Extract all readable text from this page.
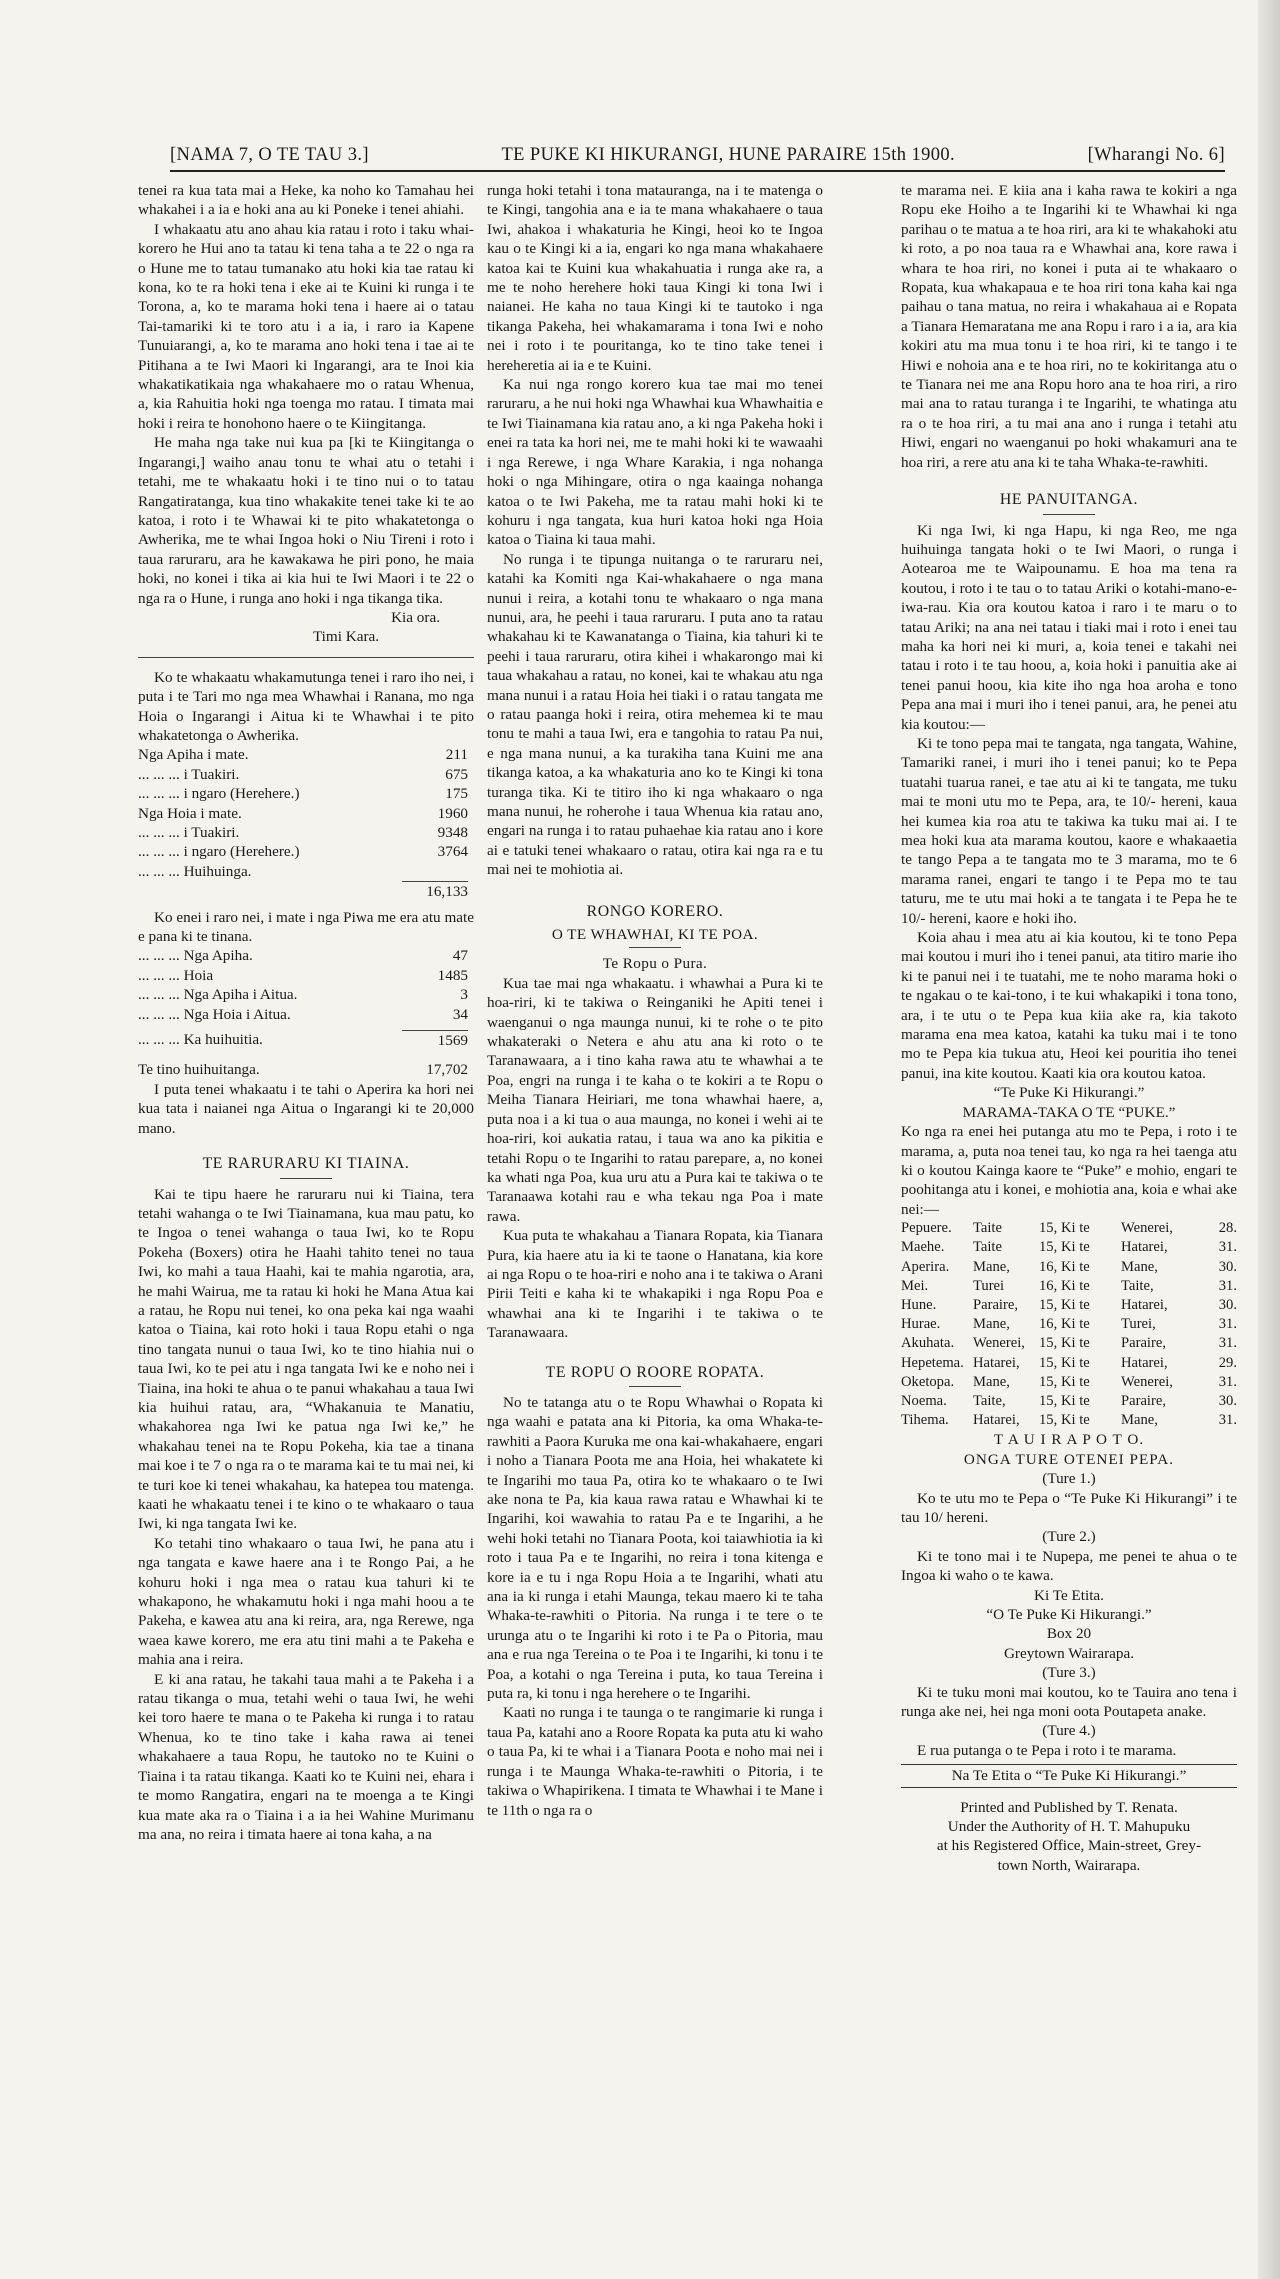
[NAMA 7, O TE TAU 3.]	TE PUKE KI HIKURANGI, HUNE PARAIRE 15th 1900.	[Wharangi No. 6]

tenei ra kua tata mai a Heke, ka noho ko Tamahau hei whakahei i a ia e hoki ana au ki Poneke i tenei ahiahi.

I whakaatu atu ano ahau kia ratau i roto i taku whai-korero he Hui ano ta tatau ki tena taha a te 22 o nga ra o Hune me to tatau tumanako atu hoki kia tae ratau ki kona, ko te ra hoki tena i eke ai te Kuini ki runga i te Torona, a, ko te marama hoki tena i haere ai o tatau Tai-tamariki ki te toro atu i a ia, i raro ia Kapene Tunuiarangi, a, ko te marama ano hoki tena i tae ai te Pitihana a te Iwi Maori ki Ingarangi, arа te Inoi kia whakatikatikaia nga whakahaere mo o ratau Whenua, a, kia Rahuitia hoki nga toenga mo ratau. I timata mai hoki i reira te honohono haere o te Kiingitanga.

He maha nga take nui kua pa [ki te Kiingitanga o Ingarangi,] waiho anau tonu te whai atu o tetahi i tetahi, me te whakaatu hoki i te tino nui o to tatau Rangatiratanga, kua tino whakakite tenei take ki te ao katoa, i roto i te Whawai ki te pito whakatetonga o Awherika, me te whai Ingoa hoki o Niu Tireni i roto i taua raruraru, ara he kawakawa he piri pono, he maia hoki, no konei i tika ai kia hui te Iwi Maori i te 22 o nga ra o Hune, i runga ano hoki i nga tikanga tika.

Kia ora.

Timi Kara.

Ko te whakaatu whakamutunga tenei i raro iho nei, i puta i te Tari mo nga mea Whawhai i Ranana, mo nga Hoia o Ingarangi i Aitua ki te Whawhai i te pito whakatetonga o Awherika.

Nga Apiha i mate.	211
... ... ... i Tuakiri.	675
... ... ... i ngaro (Herehere.)	175
Nga Hoia i mate.	1960
... ... ... i Tuakiri.	9348
... ... ... i ngaro (Herehere.)	3764
... ... ... Huihuinga.
16,133

Ko enei i raro nei, i mate i nga Piwa me era atu mate e pana ki te tinana.

... ... ... Nga Apiha.	47
... ... ... Hoia	1485
... ... ... Nga Apiha i Aitua.	3
... ... ... Nga Hoia i Aitua.	34
... ... ... Ka huihuitia.	1569
Te tino huihuitanga.	17,702

I puta tenei whakaatu i te tahi o Aperira ka hori nei kua tata i naianei nga Aitua o Ingarangi ki te 20,000 mano.

TE RARURARU KI TIAINA.

Kai te tipu haere he raruraru nui ki Tiaina, tera tetahi wahanga o te Iwi Tiainamana, kua mau patu, ko te Ingoa o tenei wahanga o taua Iwi, ko te Ropu Pokeha (Boxers) otira he Haahi tahito tenei no taua Iwi, ko mahi a taua Haahi, kai te mahia ngarotia, ara, he mahi Wairua, me ta ratau ki hoki he Mana Atua kai a ratau, he Ropu nui tenei, ko ona peka kai nga waahi katoa o Tiaina, kai roto hoki i taua Ropu etahi o nga tino tangata nunui o taua Iwi, ko te tino hiahia nui o taua Iwi, ko te pei atu i nga tangata Iwi ke e noho nei i Tiaina, ina hoki te ahua o te panui whakahau a taua Iwi kia huihui ratau, ara, “Whakanuia te Manatiu, whakahorea nga Iwi ke patua nga Iwi ke,” he whakahau tenei na te Ropu Pokeha, kia tae a tinana mai koe i te 7 o nga ra o te marama kai te tu mai nei, ki te turi koe ki tenei whakahau, ka hatepea tou matenga. kaati he whakaatu tenei i te kino o te whakaaro o taua Iwi, ki nga tangata Iwi ke.

Ko tetahi tino whakaaro o taua Iwi, he pana atu i nga tangata e kawe haere ana i te Rongo Pai, a he kohuru hoki i nga mea o ratau kua tahuri ki te whakapono, he whakamutu hoki i nga mahi hoou a te Pakeha, e kawea atu ana ki reira, ara, nga Rerewe, nga waea kawe korero, me era atu tini mahi a te Pakeha e mahia ana i reira.

E ki ana ratau, he takahi taua mahi a te Pakeha i a ratau tikanga o mua, tetahi wehi o taua Iwi, he wehi kei toro haere te mana o te Pakeha ki runga i to ratau Whenua, ko te tino take i kaha rawa ai tenei whakahaere a taua Ropu, he tautoko no te Kuini o Tiaina i ta ratau tikanga. Kaati ko te Kuini nei, ehara i te momo Rangatira, engari na te moenga a te Kingi kua mate aka ra o Tiaina i a ia hei Wahine Murimanu ma ana, no reira i timata haere ai tona kaha, a na

runga hoki tetahi i tona matauranga, na i te matenga o te Kingi, tangohia ana e ia te mana whakahaere o taua Iwi, ahakoa i whakaturia he Kingi, heoi ko te Ingoa kau o te Kingi ki a ia, engari ko nga mana whakahaere katoa kai te Kuini kua whakahuatia i runga ake ra, a me te noho herehere hoki taua Kingi ki tona Iwi i naianei. He kaha no taua Kingi ki te tautoko i nga tikanga Pakeha, hei whakamarama i tona Iwi e noho nei i roto i te pouritanga, ko te tino take tenei i hereheretia ai ia e te Kuini.

Ka nui nga rongo korero kua tae mai mo tenei raruraru, a he nui hoki nga Whawhai kua Whawhaitia e te Iwi Tiainamana kia ratau ano, a ki nga Pakeha hoki i enei ra tata ka hori nei, me te mahi hoki ki te wawaahi i nga Rerewe, i nga Whare Karakia, i nga nohanga hoki o nga Mihingare, otira o nga kaainga nohanga katoa o te Iwi Pakeha, me ta ratau mahi hoki ki te kohuru i nga tangata, kua huri katoa hoki nga Hoia katoa o Tiaina ki taua mahi.

No runga i te tipunga nuitanga o te raruraru nei, katahi ka Komiti nga Kai-whakahaere o nga mana nunui i reira, a kotahi tonu te whakaaro o nga mana nunui, ara, he peehi i taua raruraru. I puta ano ta ratau whakahau ki te Kawanatanga o Tiaina, kia tahuri ki te peehi i taua raruraru, otira kihei i whakarongo mai ki taua whakahau a ratau, no konei, kai te whakau atu nga mana nunui i a ratau Hoia hei tiaki i o ratau tangata me o ratau paanga hoki i reira, otira mehemea ki te mau tonu te mahi a taua Iwi, era e tangohia to ratau Pa nui, e nga mana nunui, a ka turakiha tana Kuini me ana tikanga katoa, a ka whakaturia ano ko te Kingi ki tona turanga tika. Ki te titiro iho ki nga whakaaro o nga mana nunui, he roherohe i taua Whenua kia ratau ano, engari na runga i to ratau puhaehae kia ratau ano i kore ai e tatuki tenei whakaaro o ratau, otira kai nga ra e tu mai nei te mohiotia ai.

RONGO KORERO.
O TE WHAWHAI, KI TE POA.
Te Ropu o Pura.

Kua tae mai nga whakaatu. i whawhai a Pura ki te hoa-riri, ki te takiwa o Reinganiki he Apiti tenei i waenganui o nga maunga nunui, ki te rohe o te pito whakateraki o Netera e ahu atu ana ki roto o te Taranawaara, a i tino kaha rawa atu te whawhai a te Poa, engri na runga i te kaha o te kokiri a te Ropu o Meiha Tianara Heiriari, me tona whawhai haere, a, puta noa i a ki tua o aua maunga, no konei i wehi ai te hoa-riri, koi aukatia ratau, i taua wa ano ka pikitia e tetahi Ropu o te Ingarihi to ratau parepare, a, no konei ka whati nga Poa, kua uru atu a Pura kai te takiwa o te Taranaawa kotahi rau e wha tekau nga Poa i mate rawa.

Kua puta te whakahau a Tianara Ropata, kia Tianara Pura, kia haere atu ia ki te taone o Hanatana, kia kore ai nga Ropu o te hoa-riri e noho ana i te takiwa o Arani Pirii Teiti e kaha ki te whakapiki i nga Ropu Poa e whawhai ana ki te Ingarihi i te takiwa o te Taranawaara.

TE ROPU O ROORE ROPATA.

No te tatanga atu o te Ropu Whawhai o Ropata ki nga waahi e patata ana ki Pitoria, ka oma Whaka-te-rawhiti a Paora Kuruka me ona kai-whakahaere, engari i noho a Tianara Poota me ana Hoia, hei whakatete ki te Ingarihi mo taua Pa, otira ko te whakaaro o te Iwi ake nona te Pa, kia kaua rawa ratau e Whawhai ki te Ingarihi, koi wawahia to ratau Pa e te Ingarihi, a he wehi hoki tetahi no Tianara Poota, koi taiawhiotia ia ki roto i taua Pa e te Ingarihi, no reira i tona kitenga e kore ia e tu i nga Ropu Hoia a te Ingarihi, whati atu ana ia ki runga i etahi Maunga, tekau maero ki te taha Whaka-te-rawhiti o Pitoria. Na runga i te tere o te urunga atu o te Ingarihi ki roto i te Pa o Pitoria, mau ana e rua nga Tereina o te Poa i te Ingarihi, ki tonu i te Poa, a kotahi o nga Tereina i puta, ko taua Tereina i puta ra, ki tonu i nga herehere o te Ingarihi.

Kaati no runga i te taunga o te rangimarie ki runga i taua Pa, katahi ano a Roore Ropata ka puta atu ki waho o taua Pa, ki te whai i a Tianara Poota e noho mai nei i runga i te Maunga Whaka-te-rawhiti o Pitoria, i te takiwa o Whapirikena. I timata te Whawhai i te Mane i te 11th o nga ra o

te marama nei. E kiia ana i kaha rawa te kokiri a nga Ropu eke Hoiho a te Ingarihi ki te Whawhai ki nga parihau o te matua a te hoa riri, ara ki te whakahoki atu ki roto, a po noa taua ra e Whawhai ana, kore rawa i whara te hoa riri, no konei i puta ai te whakaaro o Ropata, kua whakapaua e te hoa riri tona kaha kai nga paihau o tana matua, no reira i whakahaua ai e Ropata a Tianara Hemaratana me ana Ropu i raro i a ia, ara kia kokiri atu ma mua tonu i te hoa riri, ki te tango i te Hiwi e nohoia ana e te hoa riri, no te kokiritanga atu o te Tianara nei me ana Ropu horo ana te hoa riri, a riro mai ana to ratau turanga i te Ingarihi, te whatinga atu ra o te hoa riri, a tu mai ana ano i runga i tetahi atu Hiwi, engari no waenganui po hoki whakamuri ana te hoa riri, a rere atu ana ki te taha Whaka-te-rawhiti.

HE PANUITANGA.

Ki nga Iwi, ki nga Hapu, ki nga Reo, me nga huihuinga tangata hoki o te Iwi Maori, o runga i Aotearoa me te Waipounamu. E hoa ma tena ra koutou, i roto i te tau o to tatau Ariki o kotahi-mano-e-iwa-rau. Kia ora koutou katoa i raro i te maru o to tatau Ariki; na ana nei tatau i tiaki mai i roto i enei tau maha ka hori nei ki muri, a, koia tenei e takahi nei tatau i roto i te tau hoou, a, koia hoki i panuitia ake ai tenei panui hoou, kia kite iho nga hoa aroha e tono Pepa ana mai i muri iho i tenei panui, ara, he penei atu kia koutou:—

Ki te tono pepa mai te tangata, nga tangata, Wahine, Tamariki ranei, i muri iho i tenei panui; ko te Pepa tuatahi tuarua ranei, e tae atu ai ki te tangata, me tuku mai te moni utu mo te Pepa, ara, te 10/- hereni, kaua hei kumea kia roa atu te takiwa ka tuku mai ai. I te mea hoki kua ata marama koutou, kaore e whakaaetia te tango Pepa a te tangata mo te 3 marama, mo te 6 marama ranei, engari te tango i te Pepa mo te tau taturu, me te utu mai hoki a te tangata i te Pepa he te 10/- hereni, kaore e hoki iho.

Koia ahau i mea atu ai kia koutou, ki te tono Pepa mai koutou i muri iho i tenei panui, ata titiro marie iho ki te panui nei i te tuatahi, me te noho marama hoki o te ngakau o te kai-tono, i te kui whakapiki i tona tono, ara, i te utu o te Pepa kua kiia ake ra, kia takoto marama ena mea katoa, katahi ka tuku mai i te tono mo te Pepa kia tukua atu, Heoi kei pouritia iho tenei panui, ina kite koutou. Kaati kia ora koutou katoa.

“Te Puke Ki Hikurangi.”
MARAMA-TAKA O TE “PUKE.”

Ko nga ra enei hei putanga atu mo te Pepa, i roto i te marama, a, puta noa tenei tau, ko nga ra hei taenga atu ki o koutou Kainga kaore te “Puke” e mohio, engari te poohitanga atu i konei, e mohiotia ana, koia e whai ake nei:—

Pepuere.	Taite	15, Ki te	Wenerei,	28.
Maehe.	Taite	15, Ki te	Hatarei,	31.
Aperira.	Mane,	16, Ki te	Mane,	30.
Mei.	Turei	16, Ki te	Taite,	31.
Hune.	Paraire,	15, Ki te	Hatarei,	30.
Hurae.	Mane,	16, Ki te	Turei,	31.
Akuhata.	Wenerei, 15, Ki te	Paraire,	31.
Hepetema. Hatarei,	15, Ki te	Hatarei,	29.
Oketopa.	Mane,	15, Ki te	Wenerei,	31.
Noema.	Taite,	15, Ki te	Paraire,	30.
Tihema.	Hatarei,	15, Ki te	Mane,	31.
T A U I R A P O T O.
ONGA TURE OTENEI PEPA.
(Ture 1.)

Ko te utu mo te Pepa o “Te Puke Ki Hikurangi” i te tau 10/ hereni.

(Ture 2.)

Ki te tono mai i te Nupepa, me penei te ahua o te Ingoa ki waho o te kawa.

Ki Te Etita.
“O Te Puke Ki Hikurangi.”
Box 20
Greytown Wairarapa.
(Ture 3.)

Ki te tuku moni mai koutou, ko te Tauira ano tena i runga ake nei, hei nga moni oota Poutapeta anake.

(Ture 4.)

E rua putanga o te Pepa i roto i te marama.

Na Te Etita o “Te Puke Ki Hikurangi.”
Printed and Published by T. Renata.
Under the Authority of H. T. Mahupuku
at his Registered Office, Main-street, Grey-
town North, Wairarapa.
